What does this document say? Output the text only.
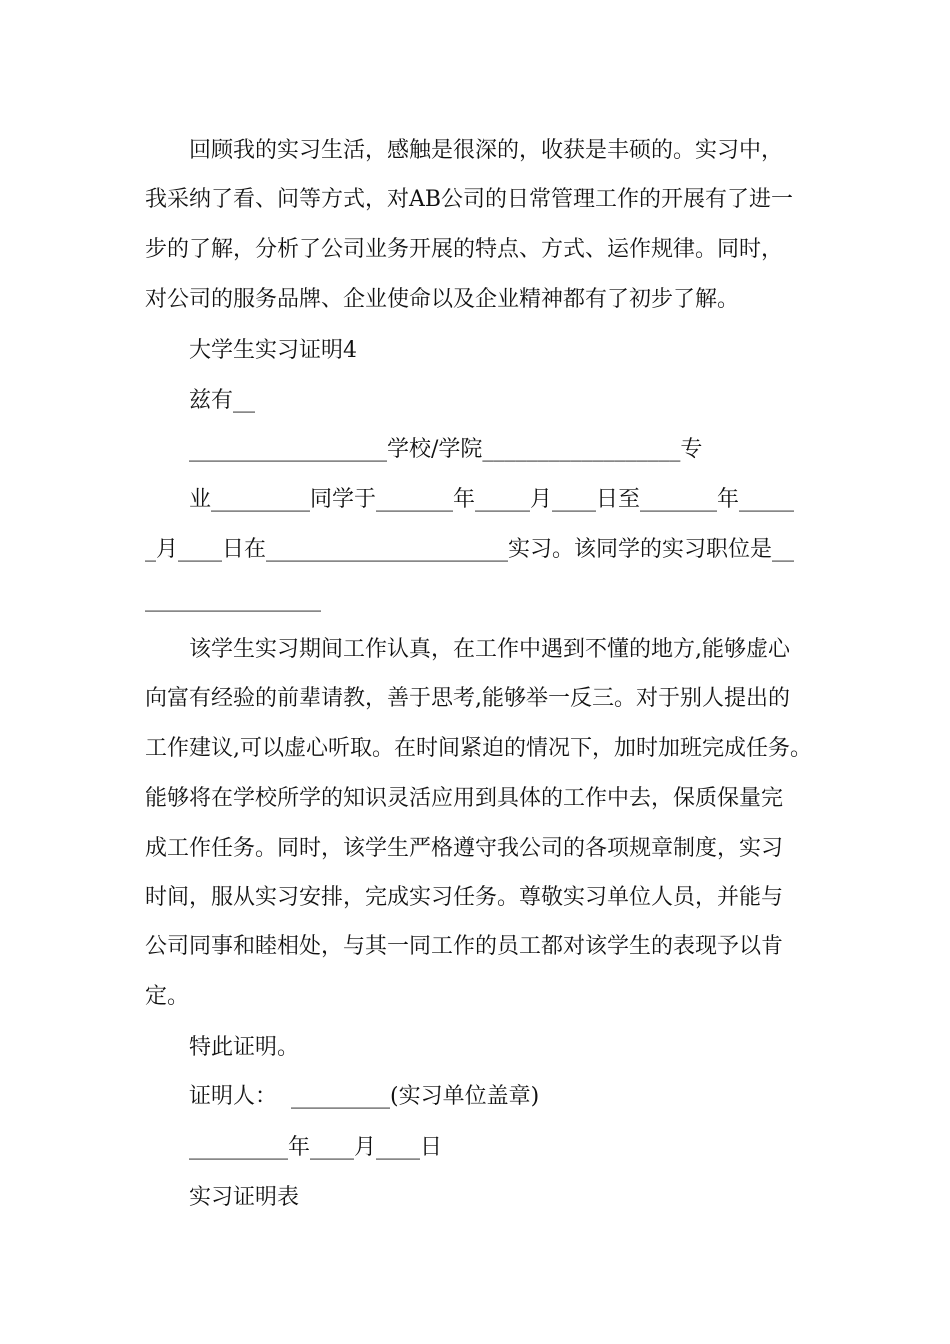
回顾我的实习生活，感触是很深的，收获是丰硕的。实习中，
我采纳了看、问等方式，对AB公司的日常管理工作的开展有了进一
步的了解，分析了公司业务开展的特点、方式、运作规律。同时，
对公司的服务品牌、企业使命以及企业精神都有了初步了解。
大学生实习证明4
兹有__
__________________学校/学院__________________专
业_________同学于_______年_____月____日至_______年_____
_月____日在______________________实习。该同学的实习职位是__
________________
该学生实习期间工作认真，在工作中遇到不懂的地方,能够虚心
向富有经验的前辈请教，善于思考,能够举一反三。对于别人提出的
工作建议,可以虚心听取。在时间紧迫的情况下，加时加班完成任务。
能够将在学校所学的知识灵活应用到具体的工作中去，保质保量完
成工作任务。同时，该学生严格遵守我公司的各项规章制度，实习
时间，服从实习安排，完成实习任务。尊敬实习单位人员，并能与
公司同事和睦相处，与其一同工作的员工都对该学生的表现予以肯
定。
特此证明。
证明人：  _________(实习单位盖章)
_________年____月____日
实习证明表
